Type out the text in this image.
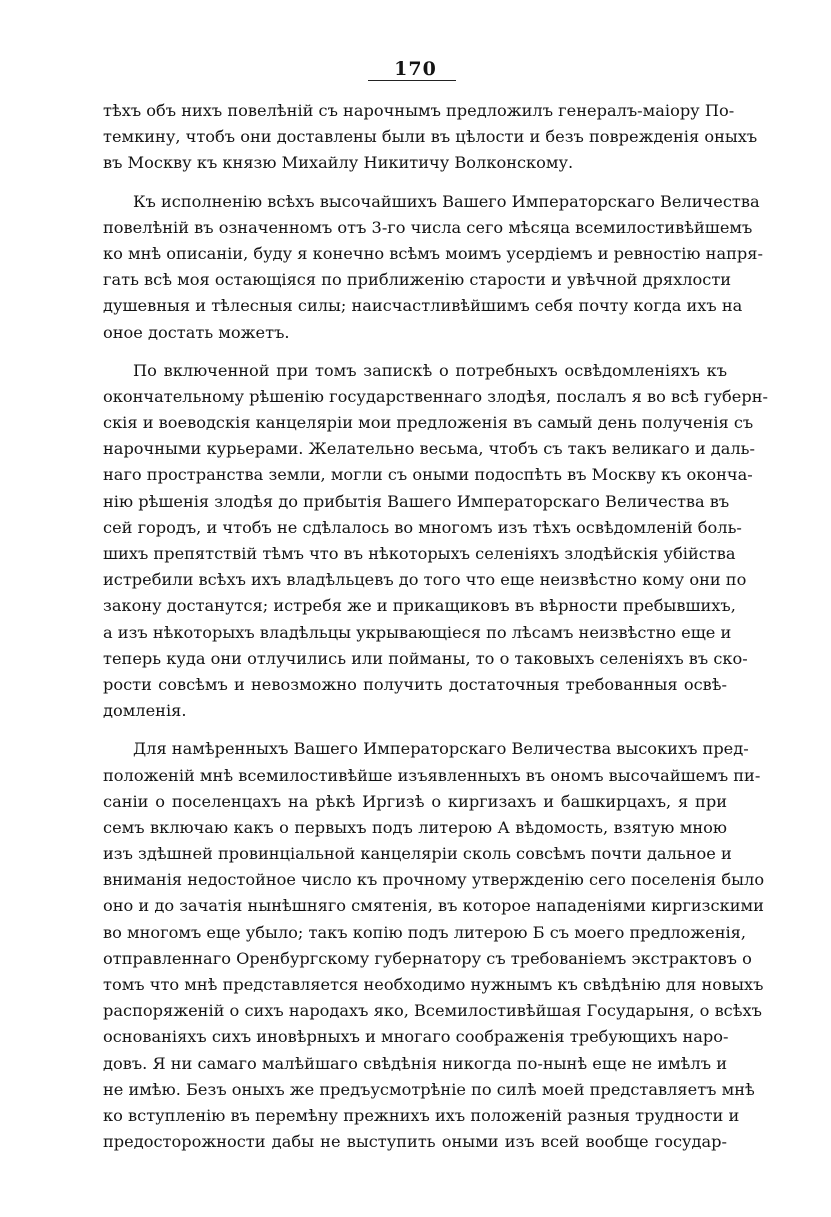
170
тѣхъ объ нихъ повелѣній съ нарочнымъ предложилъ генералъ-маіору По-
темкину, чтобъ они доставлены были въ цѣлости и безъ поврежденія оныхъ
въ Москву къ князю Михайлу Никитичу Волконскому.
Къ исполненію всѣхъ высочайшихъ Вашего Императорскаго Величества
повелѣній въ означенномъ отъ 3-го числа сего мѣсяца всемилостивѣйшемъ
ко мнѣ описаніи, буду я конечно всѣмъ моимъ усердіемъ и ревностію напря-
гать всѣ моя остающіяся по приближенію старости и увѣчной дряхлости
душевныя и тѣлесныя силы; наисчастливѣйшимъ себя почту когда ихъ на
оное достать можетъ.
По включенной при томъ запискѣ о потребныхъ освѣдомленіяхъ къ
окончательному рѣшенію государственнаго злодѣя, послалъ я во всѣ губерн-
скія и воеводскія канцеляріи мои предложенія въ самый день полученія съ
нарочными курьерами. Желательно весьма, чтобъ съ такъ великаго и даль-
наго пространства земли, могли съ оными подоспѣть въ Москву къ оконча-
нію рѣшенія злодѣя до прибытія Вашего Императорскаго Величества въ
сей городъ, и чтобъ не сдѣлалось во многомъ изъ тѣхъ освѣдомленій боль-
шихъ препятствій тѣмъ что въ нѣкоторыхъ селеніяхъ злодѣйскія убійства
истребили всѣхъ ихъ владѣльцевъ до того что еще неизвѣстно кому они по
закону достанутся; истребя же и прикащиковъ въ вѣрности пребывшихъ,
а изъ нѣкоторыхъ владѣльцы укрывающіеся по лѣсамъ неизвѣстно еще и
теперь куда они отлучились или пойманы, то о таковыхъ селеніяхъ въ ско-
рости совсѣмъ и невозможно получить достаточныя требованныя освѣ-
домленія.
Для намѣренныхъ Вашего Императорскаго Величества высокихъ пред-
положеній мнѣ всемилостивѣйше изъявленныхъ въ ономъ высочайшемъ пи-
саніи о поселенцахъ на рѣкѣ Иргизѣ о киргизахъ и башкирцахъ, я при
семъ включаю какъ о первыхъ подъ литерою А вѣдомость, взятую мною
изъ здѣшней провинціальной канцеляріи сколь совсѣмъ почти дальное и
вниманія недостойное число къ прочному утвержденію сего поселенія было
оно и до зачатія нынѣшняго смятенія, въ которое нападеніями киргизскими
во многомъ еще убыло; такъ копію подъ литерою Б съ моего предложенія,
отправленнаго Оренбургскому губернатору съ требованіемъ экстрактовъ о
томъ что мнѣ представляется необходимо нужнымъ къ свѣдѣнію для новыхъ
распоряженій о сихъ народахъ яко, Всемилостивѣйшая Государыня, о всѣхъ
основаніяхъ сихъ иновѣрныхъ и многаго соображенія требующихъ наро-
довъ. Я ни самаго малѣйшаго свѣдѣнія никогда по-нынѣ еще не имѣлъ и
не имѣю. Безъ оныхъ же предъусмотрѣніе по силѣ моей представляетъ мнѣ
ко вступленію въ перемѣну прежнихъ ихъ положеній разныя трудности и
предосторожности дабы не выступить оными изъ всей вообще государ-
